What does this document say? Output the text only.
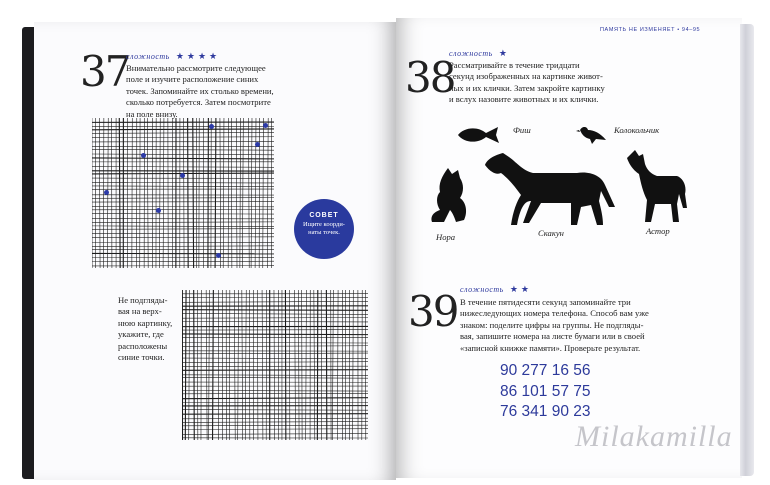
ПАМЯТЬ НЕ ИЗМЕНЯЕТ • 94–95
37
сложность ★★★★
Внимательно рассмотрите следующее
поле и изучите расположение синих
точек. Запоминайте их столько времени,
сколько потребуется. Затем посмотрите
на поле внизу.
СОВЕТ
Ищите коорди-
наты точек.
Не подгляды-
вая на верх-
нюю картинку,
укажите, где
расположены
синие точки.
38
сложность ★
Рассматривайте в течение тридцати
секунд изображенных на картинке живот-
ных и их клички. Затем закройте картинку
и вслух назовите животных и их клички.
Фиш	Колокольчик
Нора	Скакун	Астор
39 сложность ★★
В течение пятидесяти секунд запоминайте три
нижеследующих номера телефона. Способ вам уже
знаком: поделите цифры на группы. Не подгляды-
вая, запишите номера на листе бумаги или в своей
«записной книжке памяти». Проверьте результат.
90 277 16 56
86 101 57 75
76 341 90 23
Milakamilla
